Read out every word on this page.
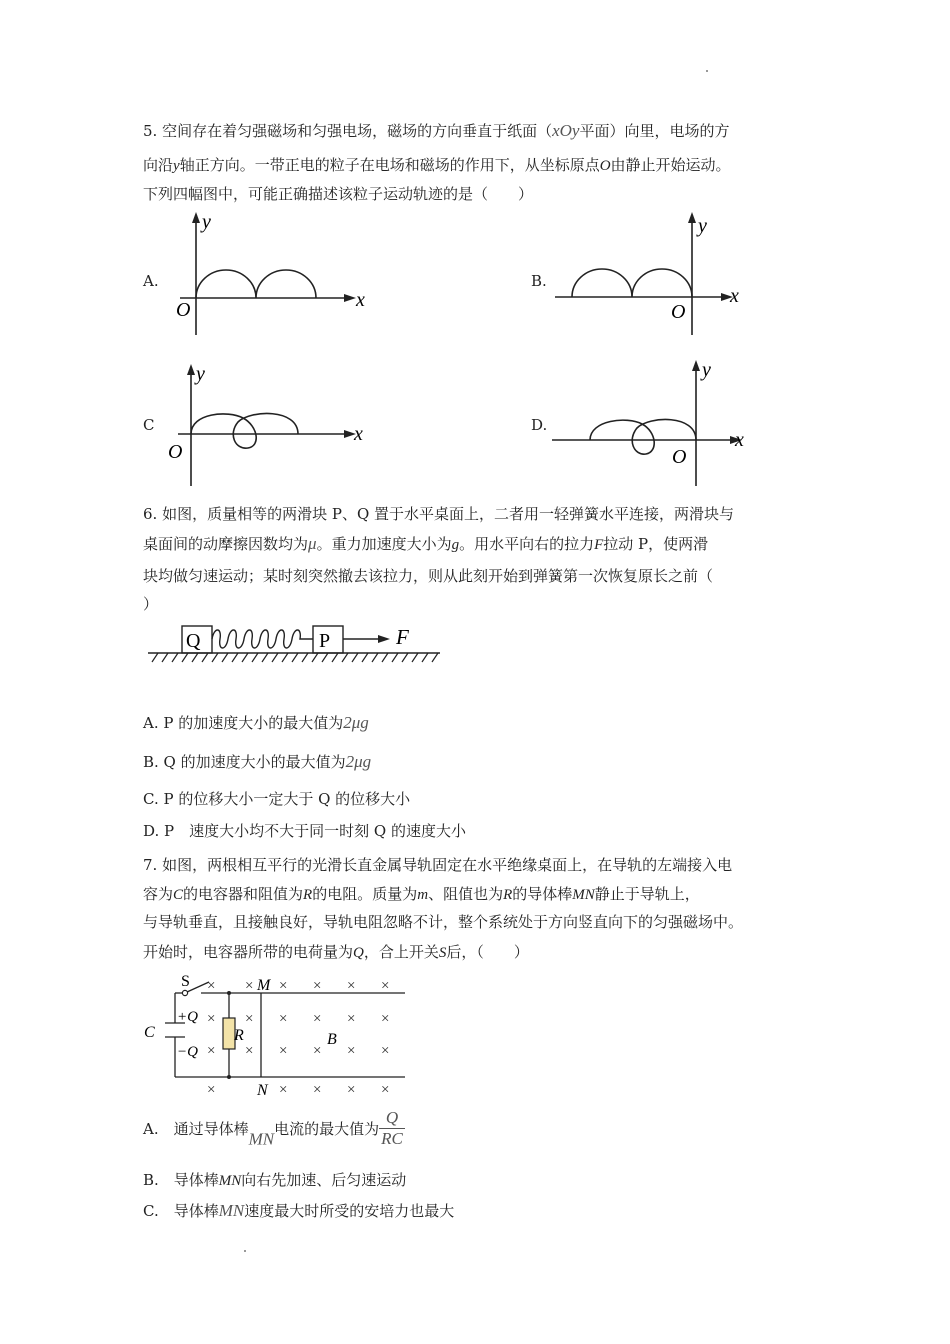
5. 空间存在着匀强磁场和匀强电场，磁场的方向垂直于纸面（xOy平面）向里，电场的方
向沿y轴正方向。一带正电的粒子在电场和磁场的作用下，从坐标原点O由静止开始运动。
下列四幅图中，可能正确描述该粒子运动轨迹的是（　　）
A.	B.
C	D.
y
x
O
y
x
O
y
x
O
y
x
O
6. 如图，质量相等的两滑块 P、Q 置于水平桌面上，二者用一轻弹簧水平连接，两滑块与
桌面间的动摩擦因数均为μ。重力加速度大小为g。用水平向右的拉力F拉动 P，使两滑
块均做匀速运动；某时刻突然撤去该拉力，则从此刻开始到弹簧第一次恢复原长之前（
）
Q	P	F
A. P 的加速度大小的最大值为2μg
B. Q 的加速度大小的最大值为2μg
C. P 的位移大小一定大于 Q 的位移大小
D. P　速度大小均不大于同一时刻 Q 的速度大小
7. 如图，两根相互平行的光滑长直金属导轨固定在水平绝缘桌面上，在导轨的左端接入电
容为C的电容器和阻值为R的电阻。质量为m、阻值也为R的导体棒MN静止于导轨上，
与导轨垂直，且接触良好，导轨电阻忽略不计，整个系统处于方向竖直向下的匀强磁场中。
开始时，电容器所带的电荷量为Q，合上开关S后，（　　）
S	M
N
C	R	B
+Q
−Q
× × × × × ×
× × × × × ×
× × × × × ×
×	× × × ×
A.　通过导体棒MN电流的最大值为 $\frac{Q}{RC}$
B.　导体棒MN向右先加速、后匀速运动
C.　导体棒MN速度最大时所受的安培力也最大
